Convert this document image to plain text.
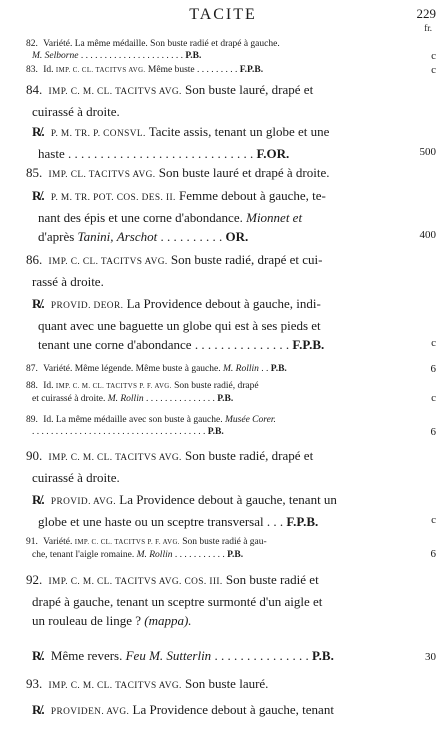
TACITE	229
fr.
82. Variété. La même médaille. Son buste radié et drapé à gauche.
M. Selborne . . . . . . . . . . . . . . . . . . . . . . P.B.	c
83. Id. IMP. C. CL. TACITVS AVG. Même buste . . . . . . . . . F.P.B.	c
84. IMP. C. M. CL. TACITVS AVG. Son buste lauré, drapé et
cuirassé à droite.
R̸. P. M. TR. P. CONSVL. Tacite assis, tenant un globe et une
haste . . . . . . . . . . . . . . . . . . . . . . . . . . . . . F.OR.	500
85. IMP. CL. TACITVS AVG. Son buste lauré et drapé à droite.
R̸. P. M. TR. POT. COS. DES. II. Femme debout à gauche, te-
nant des épis et une corne d'abondance. Mionnet et
d'après Tanini, Arschot . . . . . . . . . . OR.	400
86. IMP. C. CL. TACITVS AVG. Son buste radié, drapé et cui-
rassé à droite.
R̸. PROVID. DEOR. La Providence debout à gauche, indi-
quant avec une baguette un globe qui est à ses pieds et
tenant une corne d'abondance . . . . . . . . . . . . . . . F.P.B.	c
87. Variété. Même légende. Même buste à gauche. M. Rollin . . P.B.	6
88. Id. IMP. C. M. CL. TACITVS P. F. AVG. Son buste radié, drapé
et cuirassé à droite. M. Rollin . . . . . . . . . . . . . . . P.B.	c
89. Id. La même médaille avec son buste à gauche. Musée Corer.
. . . . . . . . . . . . . . . . . . . . . . . . . . . . . . . . . . . . . P.B.	6
90. IMP. C. M. CL. TACITVS AVG. Son buste radié, drapé et
cuirassé à droite.
R̸. PROVID. AVG. La Providence debout à gauche, tenant un
globe et une haste ou un sceptre transversal . . . F.P.B.	c
91. Variété. IMP. C. CL. TACITVS P. F. AVG. Son buste radié à gau-
che, tenant l'aigle romaine. M. Rollin . . . . . . . . . . . P.B.	6
92. IMP. C. M. CL. TACITVS AVG. COS. III. Son buste radié et
drapé à gauche, tenant un sceptre surmonté d'un aigle et
un rouleau de linge ? (mappa).
R̸. Même revers. Feu M. Sutterlin . . . . . . . . . . . . . . . P.B.	30
93. IMP. C. M. CL. TACITVS AVG. Son buste lauré.
R̸. PROVIDEN. AVG. La Providence debout à gauche, tenant
